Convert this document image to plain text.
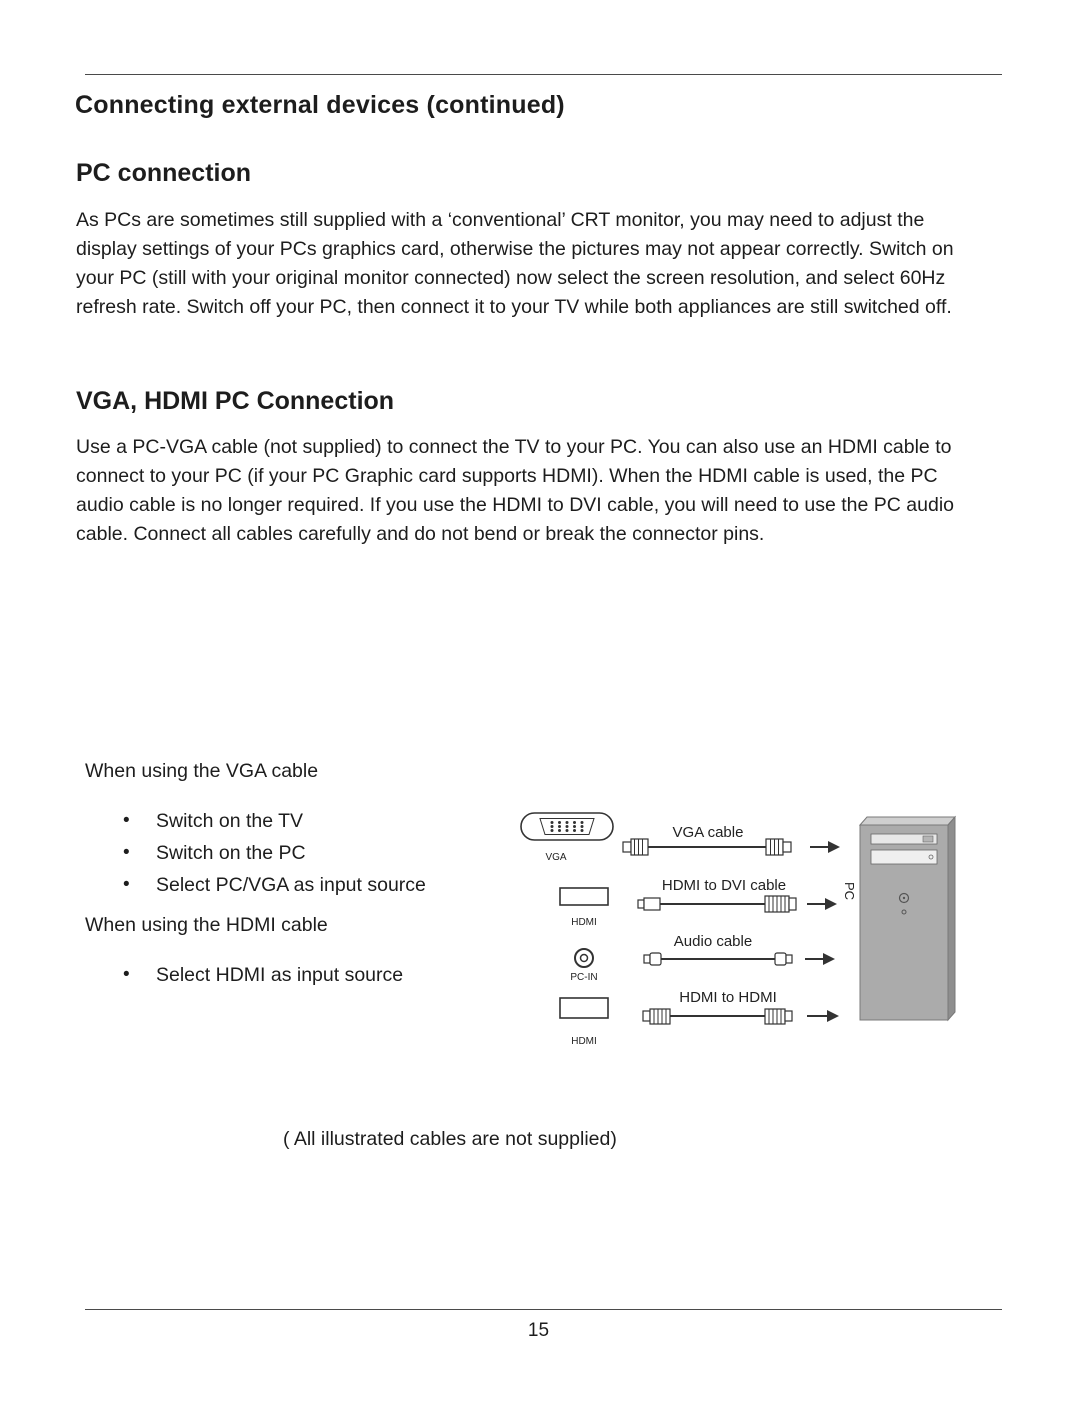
Connecting external devices (continued)
PC connection

As PCs are sometimes still supplied with a ‘conventional’ CRT monitor, you may need to adjust the display settings of your PCs graphics card, otherwise the pictures may not appear correctly. Switch on your PC (still with your original monitor connected) now select the screen resolution, and select 60Hz refresh rate. Switch off your PC, then connect it to your TV while both appliances are still switched off.

VGA, HDMI PC Connection

Use a PC-VGA cable (not supplied) to connect the TV to your PC. You can also use an HDMI cable to connect to your PC (if your PC Graphic card supports HDMI). When the HDMI cable is used, the PC audio cable is no longer required. If you use the HDMI to DVI cable, you will need to use the PC audio cable. Connect all cables carefully and do not bend or break the connector pins.

When using the VGA cable

• Switch on the TV
• Switch on the PC
• Select PC/VGA as input source

When using the HDMI cable

• Select HDMI as input source
VGA
HDMI
PC-IN
HDMI
VGA cable
HDMI to DVI cable
Audio cable
HDMI to HDMI
PC

( All illustrated cables are not supplied)

15
